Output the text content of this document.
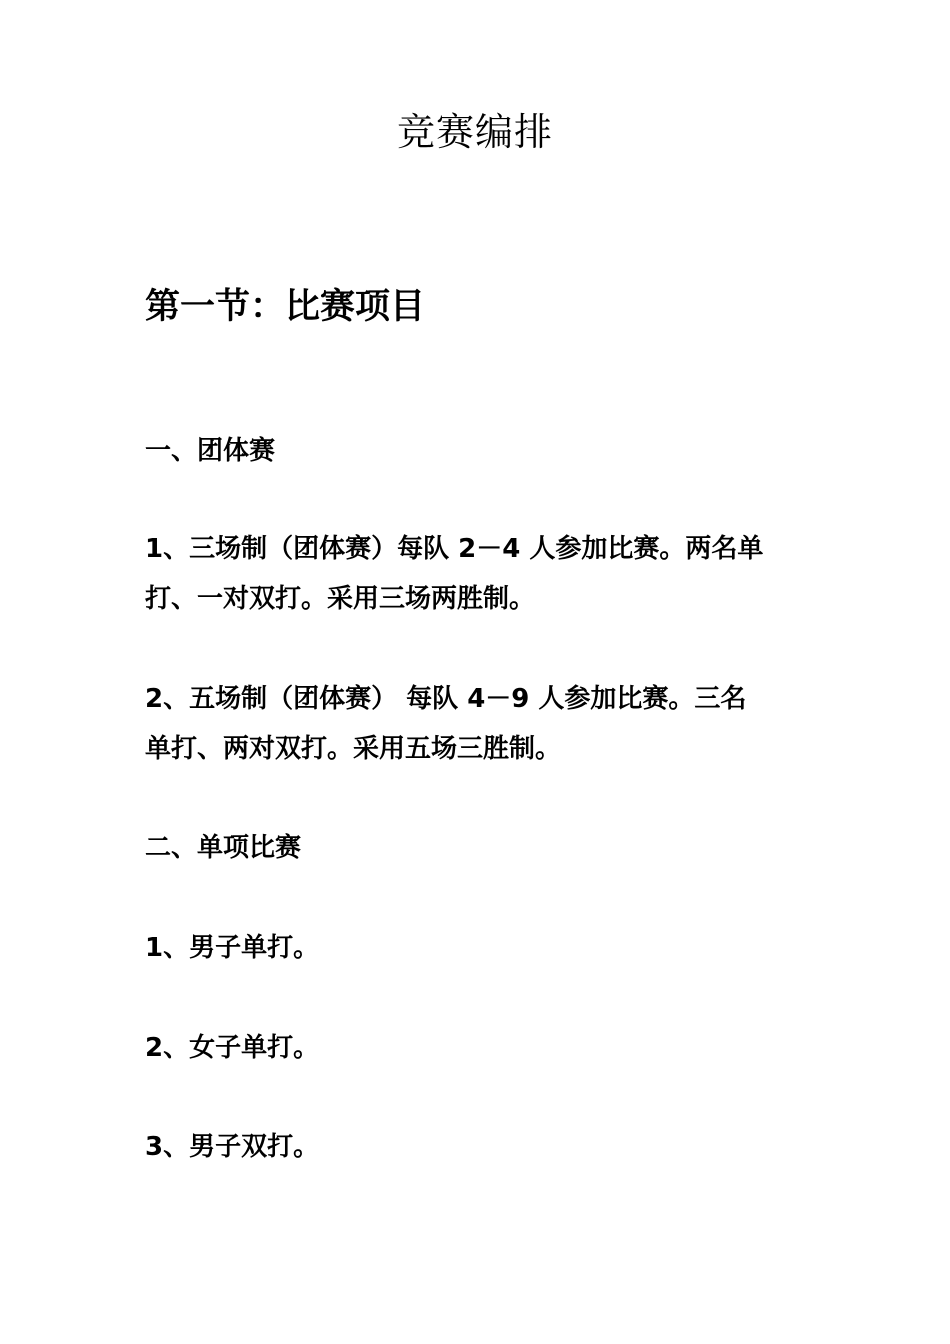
竞赛编排
第一节：比赛项目
一、团体赛
1、三场制（团体赛）每队 2－4 人参加比赛。两名单
打、一对双打。采用三场两胜制。
2、五场制（团体赛） 每队 4－9 人参加比赛。三名
单打、两对双打。采用五场三胜制。
二、单项比赛
1、男子单打。
2、女子单打。
3、男子双打。
